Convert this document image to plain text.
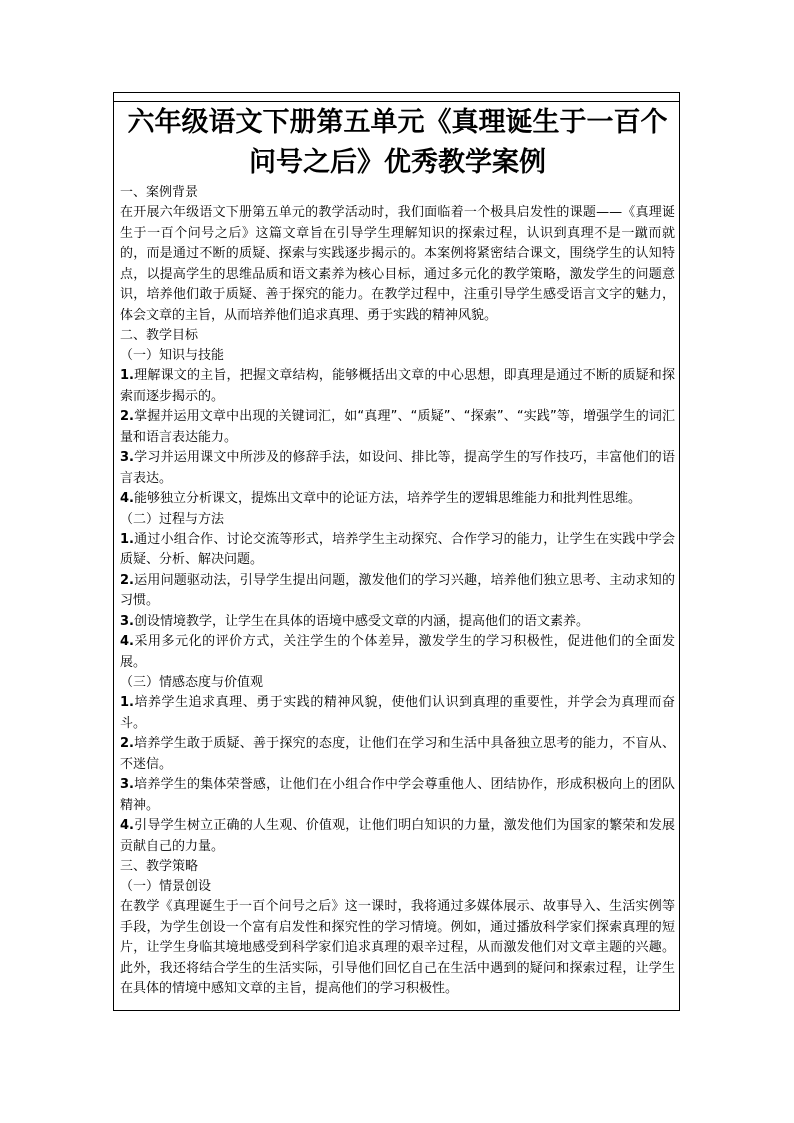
六年级语文下册第五单元《真理诞生于一百个问号之后》优秀教学案例
一、案例背景

在开展六年级语文下册第五单元的教学活动时，我们面临着一个极具启发性的课题——《真理诞生于一百个问号之后》这篇文章旨在引导学生理解知识的探索过程，认识到真理不是一蹴而就的，而是通过不断的质疑、探索与实践逐步揭示的。本案例将紧密结合课文，围绕学生的认知特点，以提高学生的思维品质和语文素养为核心目标，通过多元化的教学策略，激发学生的问题意识，培养他们敢于质疑、善于探究的能力。在教学过程中，注重引导学生感受语言文字的魅力，体会文章的主旨，从而培养他们追求真理、勇于实践的精神风貌。

二、教学目标
（一）知识与技能

1.理解课文的主旨，把握文章结构，能够概括出文章的中心思想，即真理是通过不断的质疑和探索而逐步揭示的。

2.掌握并运用文章中出现的关键词汇，如“真理”、“质疑”、“探索”、“实践”等，增强学生的词汇量和语言表达能力。

3.学习并运用课文中所涉及的修辞手法，如设问、排比等，提高学生的写作技巧，丰富他们的语言表达。

4.能够独立分析课文，提炼出文章中的论证方法，培养学生的逻辑思维能力和批判性思维。

（二）过程与方法

1.通过小组合作、讨论交流等形式，培养学生主动探究、合作学习的能力，让学生在实践中学会质疑、分析、解决问题。

2.运用问题驱动法，引导学生提出问题，激发他们的学习兴趣，培养他们独立思考、主动求知的习惯。

3.创设情境教学，让学生在具体的语境中感受文章的内涵，提高他们的语文素养。

4.采用多元化的评价方式，关注学生的个体差异，激发学生的学习积极性，促进他们的全面发展。

（三）情感态度与价值观

1.培养学生追求真理、勇于实践的精神风貌，使他们认识到真理的重要性，并学会为真理而奋斗。

2.培养学生敢于质疑、善于探究的态度，让他们在学习和生活中具备独立思考的能力，不盲从、不迷信。

3.培养学生的集体荣誉感，让他们在小组合作中学会尊重他人、团结协作，形成积极向上的团队精神。

4.引导学生树立正确的人生观、价值观，让他们明白知识的力量，激发他们为国家的繁荣和发展贡献自己的力量。

三、教学策略
（一）情景创设

在教学《真理诞生于一百个问号之后》这一课时，我将通过多媒体展示、故事导入、生活实例等手段，为学生创设一个富有启发性和探究性的学习情境。例如，通过播放科学家们探索真理的短片，让学生身临其境地感受到科学家们追求真理的艰辛过程，从而激发他们对文章主题的兴趣。此外，我还将结合学生的生活实际，引导他们回忆自己在生活中遇到的疑问和探索过程，让学生在具体的情境中感知文章的主旨，提高他们的学习积极性。
